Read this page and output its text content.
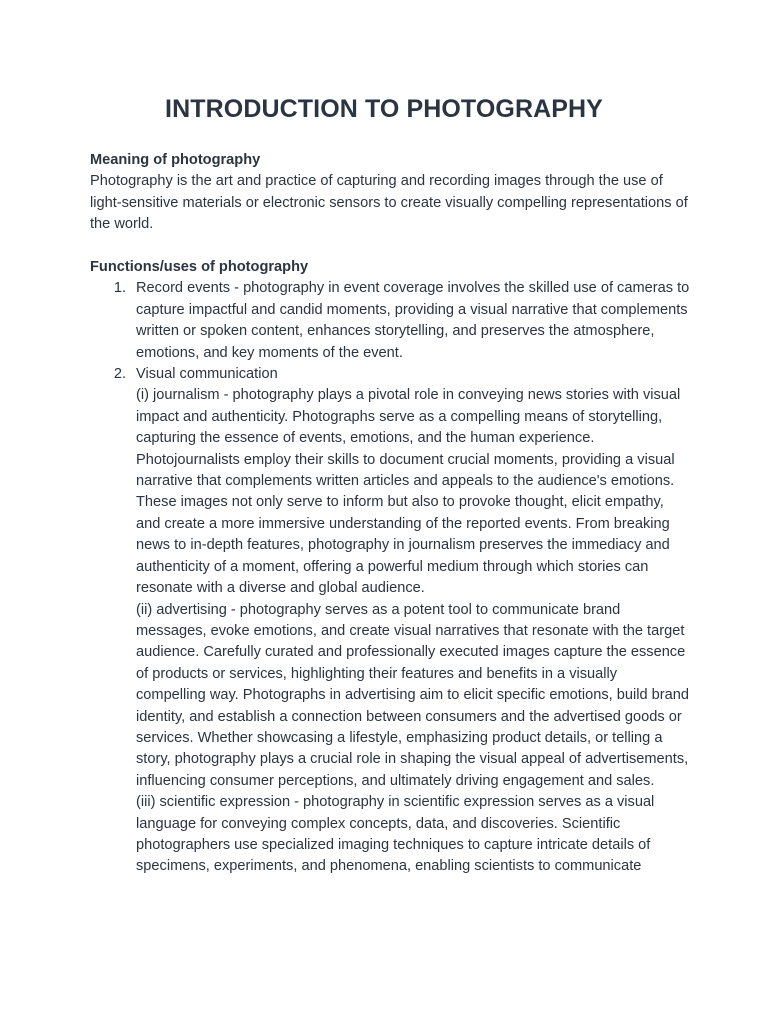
INTRODUCTION TO PHOTOGRAPHY

Meaning of photography

Photography is the art and practice of capturing and recording images through the use of light-sensitive materials or electronic sensors to create visually compelling representations of the world.

Functions/uses of photography

1. Record events - photography in event coverage involves the skilled use of cameras to capture impactful and candid moments, providing a visual narrative that complements written or spoken content, enhances storytelling, and preserves the atmosphere, emotions, and key moments of the event.
2. Visual communication

(i) journalism - photography plays a pivotal role in conveying news stories with visual impact and authenticity. Photographs serve as a compelling means of storytelling, capturing the essence of events, emotions, and the human experience. Photojournalists employ their skills to document crucial moments, providing a visual narrative that complements written articles and appeals to the audience's emotions. These images not only serve to inform but also to provoke thought, elicit empathy, and create a more immersive understanding of the reported events. From breaking news to in-depth features, photography in journalism preserves the immediacy and authenticity of a moment, offering a powerful medium through which stories can resonate with a diverse and global audience.

(ii) advertising - photography serves as a potent tool to communicate brand messages, evoke emotions, and create visual narratives that resonate with the target audience. Carefully curated and professionally executed images capture the essence of products or services, highlighting their features and benefits in a visually compelling way. Photographs in advertising aim to elicit specific emotions, build brand identity, and establish a connection between consumers and the advertised goods or services. Whether showcasing a lifestyle, emphasizing product details, or telling a story, photography plays a crucial role in shaping the visual appeal of advertisements, influencing consumer perceptions, and ultimately driving engagement and sales.

(iii) scientific expression - photography in scientific expression serves as a visual language for conveying complex concepts, data, and discoveries. Scientific photographers use specialized imaging techniques to capture intricate details of specimens, experiments, and phenomena, enabling scientists to communicate
